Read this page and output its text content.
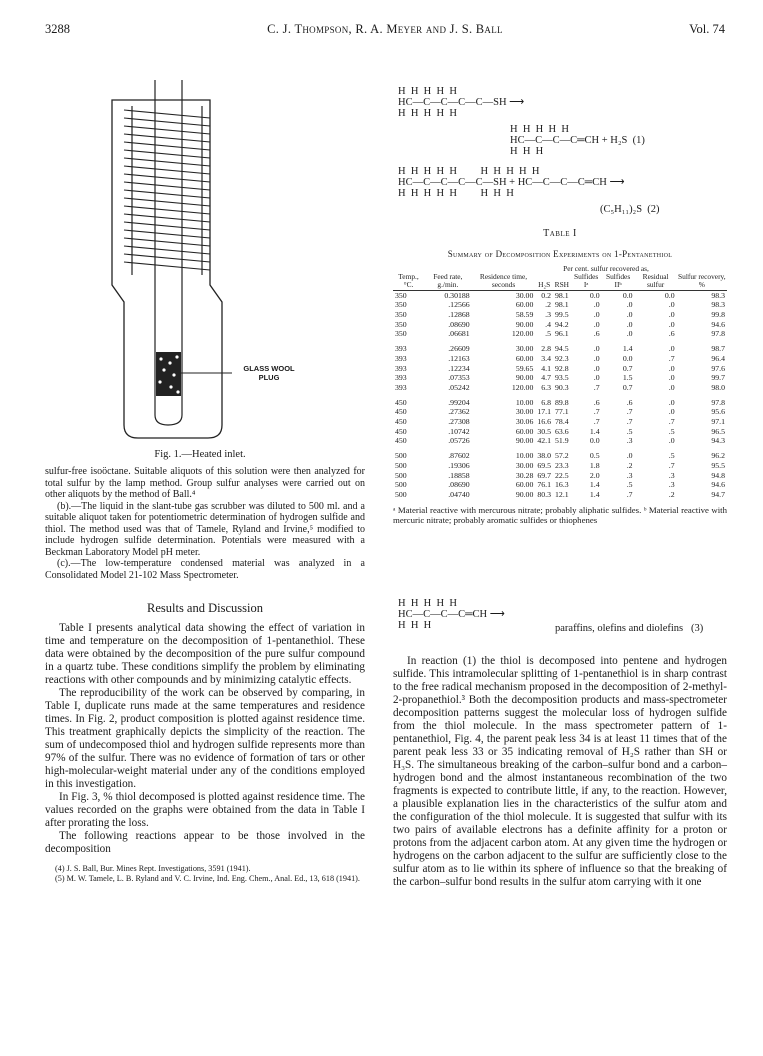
3288	C. J. Thompson, R. A. Meyer and J. S. Ball	Vol. 74
GLASS WOOL PLUG
Fig. 1.—Heated inlet.

sulfur-free isoöctane. Suitable aliquots of this solution were then analyzed for total sulfur by the lamp method. Group sulfur analyses were carried out on other aliquots by the method of Ball.⁴

(b).—The liquid in the slant-tube gas scrubber was diluted to 500 ml. and a suitable aliquot taken for potentiometric determination of hydrogen sulfide and thiol. The method used was that of Tamele, Ryland and Irvine,⁵ modified to include hydrogen sulfide determination. Potentials were measured with a Beckman Laboratory Model pH meter.

(c).—The low-temperature condensed material was analyzed in a Consolidated Model 21-102 Mass Spectrometer.

Results and Discussion

Table I presents analytical data showing the effect of variation in time and temperature on the decomposition of 1-pentanethiol. These data were obtained by the decomposition of the pure sulfur compound in a quartz tube. These conditions simplify the problem by eliminating reactions with other compounds and by minimizing catalytic effects.

The reproducibility of the work can be observed by comparing, in Table I, duplicate runs made at the same temperatures and residence times. In Fig. 2, product composition is plotted against residence time. This treatment graphically depicts the simplicity of the reaction. The sum of undecomposed thiol and hydrogen sulfide represents more than 97% of the sulfur. There was no evidence of formation of tars or other high-molecular-weight material under any of the conditions employed in this investigation.

In Fig. 3, % thiol decomposed is plotted against residence time. The values recorded on the graphs were obtained from the data in Table I after prorating the loss.

The following reactions appear to be those involved in the decomposition

(4) J. S. Ball, Bur. Mines Rept. Investigations, 3591 (1941).

(5) M. W. Tamele, L. B. Ryland and V. C. Irvine, Ind. Eng. Chem., Anal. Ed., 13, 618 (1941).

H  H  H  H  H
HC—C—C—C—C—SH ⟶
H  H  H  H  H
H  H  H  H  H
HC—C—C—C═CH + H₂S  (1)
H  H  H
H  H  H  H  H         H  H  H  H  H
HC—C—C—C—C—SH + HC—C—C—C═CH ⟶
H  H  H  H  H         H  H  H
(C₅H₁₁)₂S  (2)
Table I
Summary of Decomposition Experiments on 1-Pentanethiol
Temp., °C.	Feed rate, g./min.	Residence time, seconds	Per cent. sulfur recovered as,					Sulfur recovery, %
			H₂S	RSH	Sulfides Iᵃ	Sulfides IIᵇ	Residual sulfur	
350	0.30188	30.00	0.2	98.1	0.0	0.0	0.0	98.3
350	.12566	60.00	.2	98.1	.0	.0	.0	98.3
350	.12868	58.59	.3	99.5	.0	.0	.0	99.8
350	.08690	90.00	.4	94.2	.0	.0	.0	94.6
350	.06681	120.00	.5	96.1	.6	.0	.6	97.8
393	.26609	30.00	2.8	94.5	.0	1.4	.0	98.7
393	.12163	60.00	3.4	92.3	.0	0.0	.7	96.4
393	.12234	59.65	4.1	92.8	.0	0.7	.0	97.6
393	.07353	90.00	4.7	93.5	.0	1.5	.0	99.7
393	.05242	120.00	6.3	90.3	.7	0.7	.0	98.0
450	.99204	10.00	6.8	89.8	.6	.6	.0	97.8
450	.27362	30.00	17.1	77.1	.7	.7	.0	95.6
450	.27308	30.06	16.6	78.4	.7	.7	.7	97.1
450	.10742	60.00	30.5	63.6	1.4	.5	.5	96.5
450	.05726	90.00	42.1	51.9	0.0	.3	.0	94.3
500	.87602	10.00	38.0	57.2	0.5	.0	.5	96.2
500	.19306	30.00	69.5	23.3	1.8	.2	.7	95.5
500	.18858	30.28	69.7	22.5	2.0	.3	.3	94.8
500	.08690	60.00	76.1	16.3	1.4	.5	.3	94.6
500	.04740	90.00	80.3	12.1	1.4	.7	.2	94.7
ᵃ Material reactive with mercurous nitrate; probably aliphatic sulfides. ᵇ Material reactive with mercuric nitrate; probably aromatic sulfides or thiophenes
H  H  H  H  H
HC—C—C—C═CH ⟶
H  H  H	paraffins, olefins and diolefins   (3)

In reaction (1) the thiol is decomposed into pentene and hydrogen sulfide. This intramolecular splitting of 1-pentanethiol is in sharp contrast to the free radical mechanism proposed in the decomposition of 2-methyl-2-propanethiol.³ Both the decomposition products and mass-spectrometer decomposition patterns suggest the molecular loss of hydrogen sulfide from the thiol molecule. In the mass spectrometer pattern of 1-pentanethiol, Fig. 4, the parent peak less 34 is at least 11 times that of the parent peak less 33 or 35 indicating removal of H₂S rather than SH or H₃S. The simultaneous breaking of the carbon–sulfur bond and a carbon–hydrogen bond and the almost instantaneous recombination of the two fragments is expected to contribute little, if any, to the reaction. However, a plausible explanation lies in the characteristics of the sulfur atom and the configuration of the thiol molecule. It is suggested that sulfur with its two pairs of available electrons has a definite affinity for a proton or protons from the adjacent carbon atom. At any given time the hydrogen or hydrogens on the carbon adjacent to the sulfur are sufficiently close to the sulfur atom as to lie within its sphere of influence so that the breaking of the carbon–sulfur bond results in the sulfur atom carrying with it one
